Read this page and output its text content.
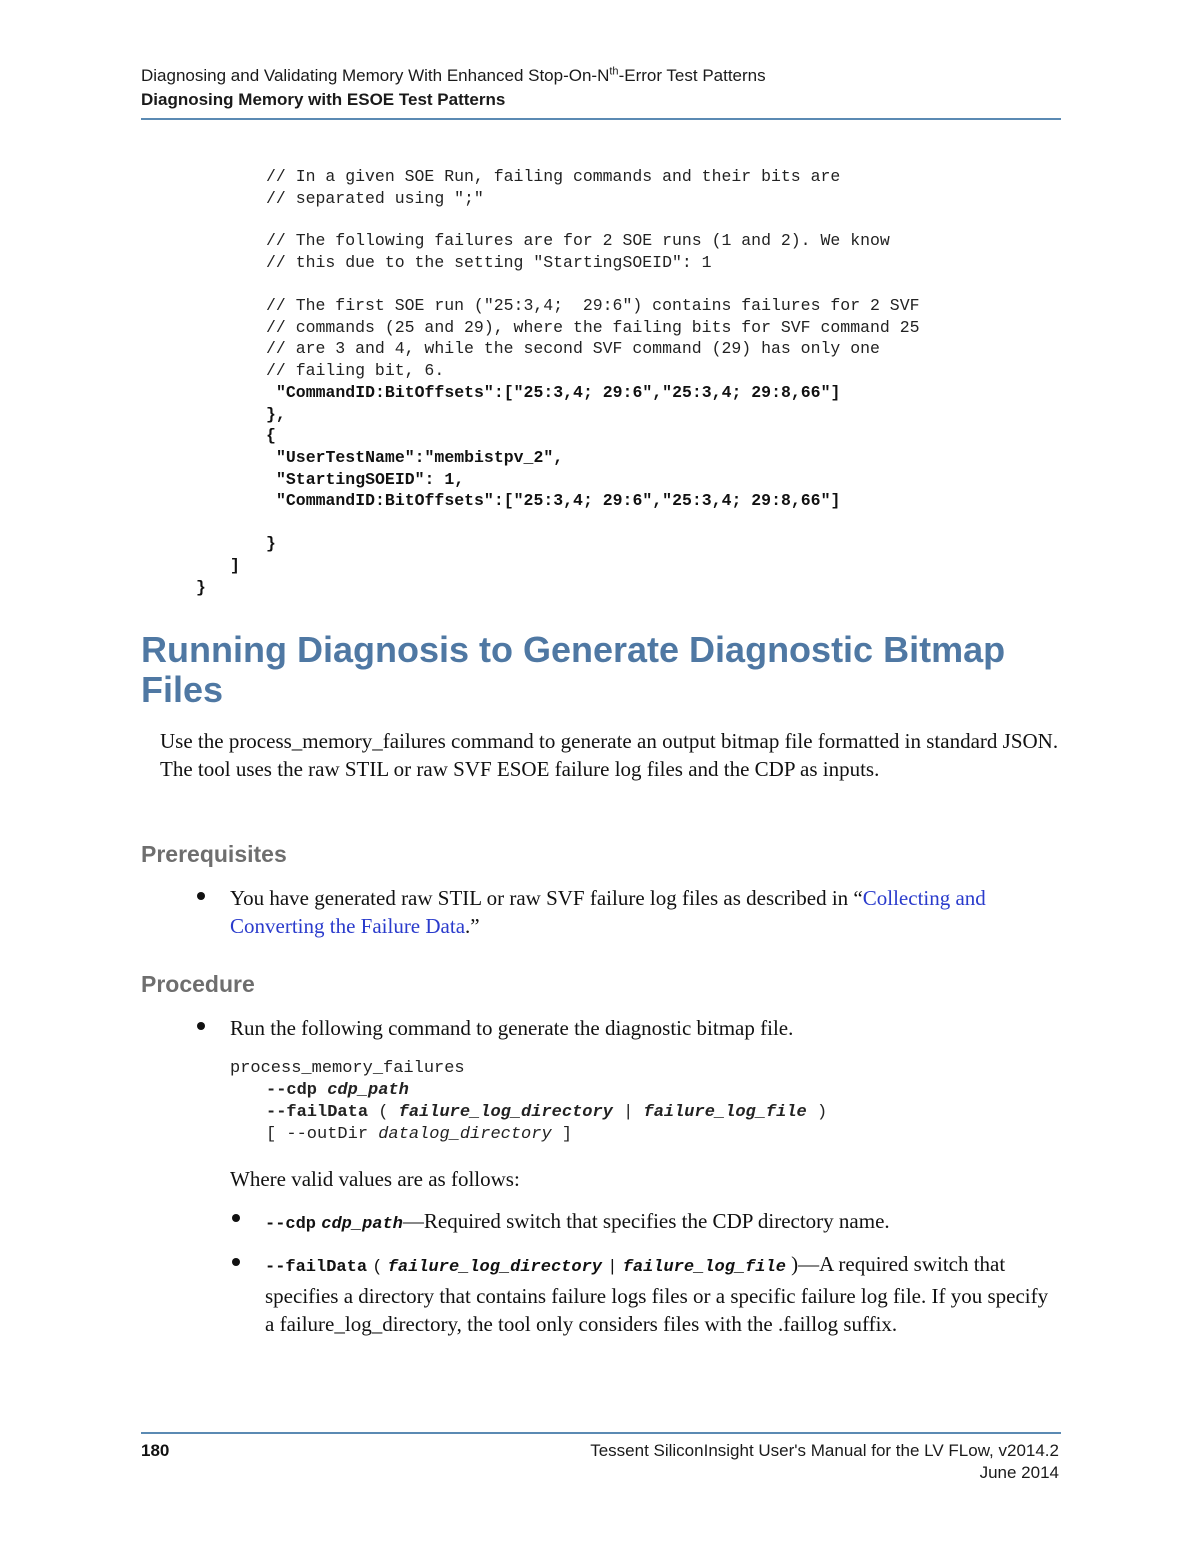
Diagnosing and Validating Memory With Enhanced Stop-$On-N^{th}$-Error Test Patterns
Diagnosing Memory with ESOE Test Patterns
// In a given SOE Run, failing commands and their bits are
// separated using ";"
// The following failures are for 2 SOE runs (1 and 2). We know
// this due to the setting "StartingSOEID": 1
// The first SOE run ("25:3,4;  29:6") contains failures for 2 SVF
// commands (25 and 29), where the failing bits for SVF command 25
// are 3 and 4, while the second SVF command (29) has only one
// failing bit, 6.
"CommandID:BitOffsets":["25:3,4; 29:6","25:3,4; 29:8,66"]
},
{
"UserTestName":"membistpv_2",
"StartingSOEID": 1,
"CommandID:BitOffsets":["25:3,4; 29:6","25:3,4; 29:8,66"]
}
]
}
Running Diagnosis to Generate Diagnostic Bitmap
Files

Use the process_memory_failures command to generate an output bitmap file formatted in standard JSON. The tool uses the raw STIL or raw SVF ESOE failure log files and the CDP as inputs.

Prerequisites

You have generated raw STIL or raw SVF failure log files as described in “Collecting and Converting the Failure Data.”

Procedure

Run the following command to generate the diagnostic bitmap file.

process_memory_failures
--cdp cdp_path
--failData ( failure_log_directory | failure_log_file )
[ --outDir datalog_directory ]

Where valid values are as follows:

--cdp cdp_path—Required switch that specifies the CDP directory name.

--failData ( failure_log_directory | failure_log_file )—A required switch that specifies a directory that contains failure logs files or a specific failure log file. If you specify a failure_log_directory, the tool only considers files with the .faillog suffix.

180	Tessent SiliconInsight User's Manual for the LV FLow, v2014.2
June 2014
